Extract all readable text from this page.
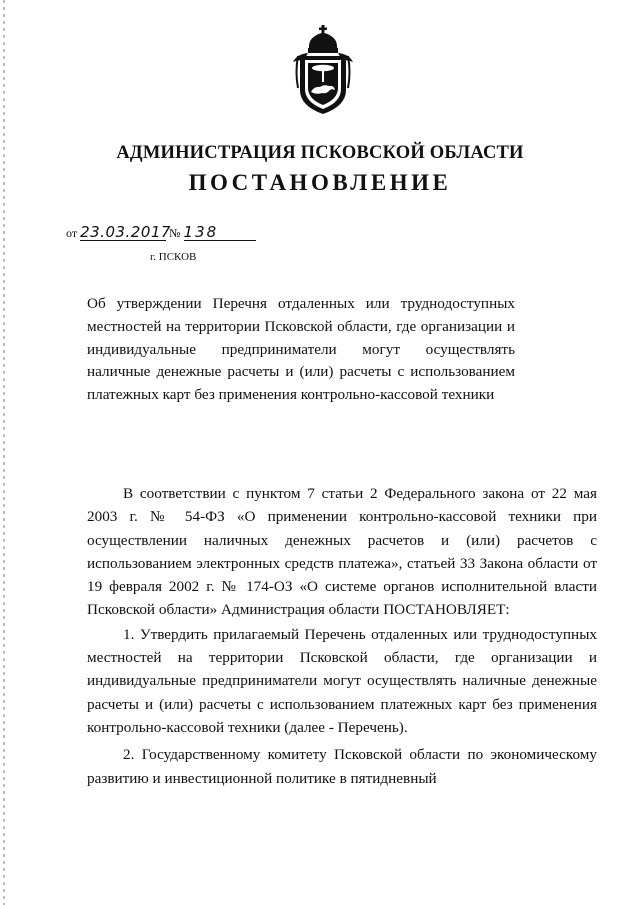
АДМИНИСТРАЦИЯ ПСКОВСКОЙ ОБЛАСТИ
ПОСТАНОВЛЕНИЕ
от 23.03.2017 № 138
г. ПСКОВ
Об утверждении Перечня отдаленных или труднодоступных местностей на территории Псковской области, где организации и индивидуальные предприниматели могут осуществлять наличные денежные расчеты и (или) расчеты с использованием платежных карт без применения контрольно-кассовой техники

В соответствии с пунктом 7 статьи 2 Федерального закона от 22 мая 2003 г. № 54-ФЗ «О применении контрольно-кассовой техники при осуществлении наличных денежных расчетов и (или) расчетов с использованием электронных средств платежа», статьей 33 Закона области от 19 февраля 2002 г. № 174-ОЗ «О системе органов исполнительной власти Псковской области» Администрация области ПОСТАНОВЛЯЕТ:

1. Утвердить прилагаемый Перечень отдаленных или труднодоступных местностей на территории Псковской области, где организации и индивидуальные предприниматели могут осуществлять наличные денежные расчеты и (или) расчеты с использованием платежных карт без применения контрольно-кассовой техники (далее - Перечень).

2. Государственному комитету Псковской области по экономическому развитию и инвестиционной политике в пятидневный
